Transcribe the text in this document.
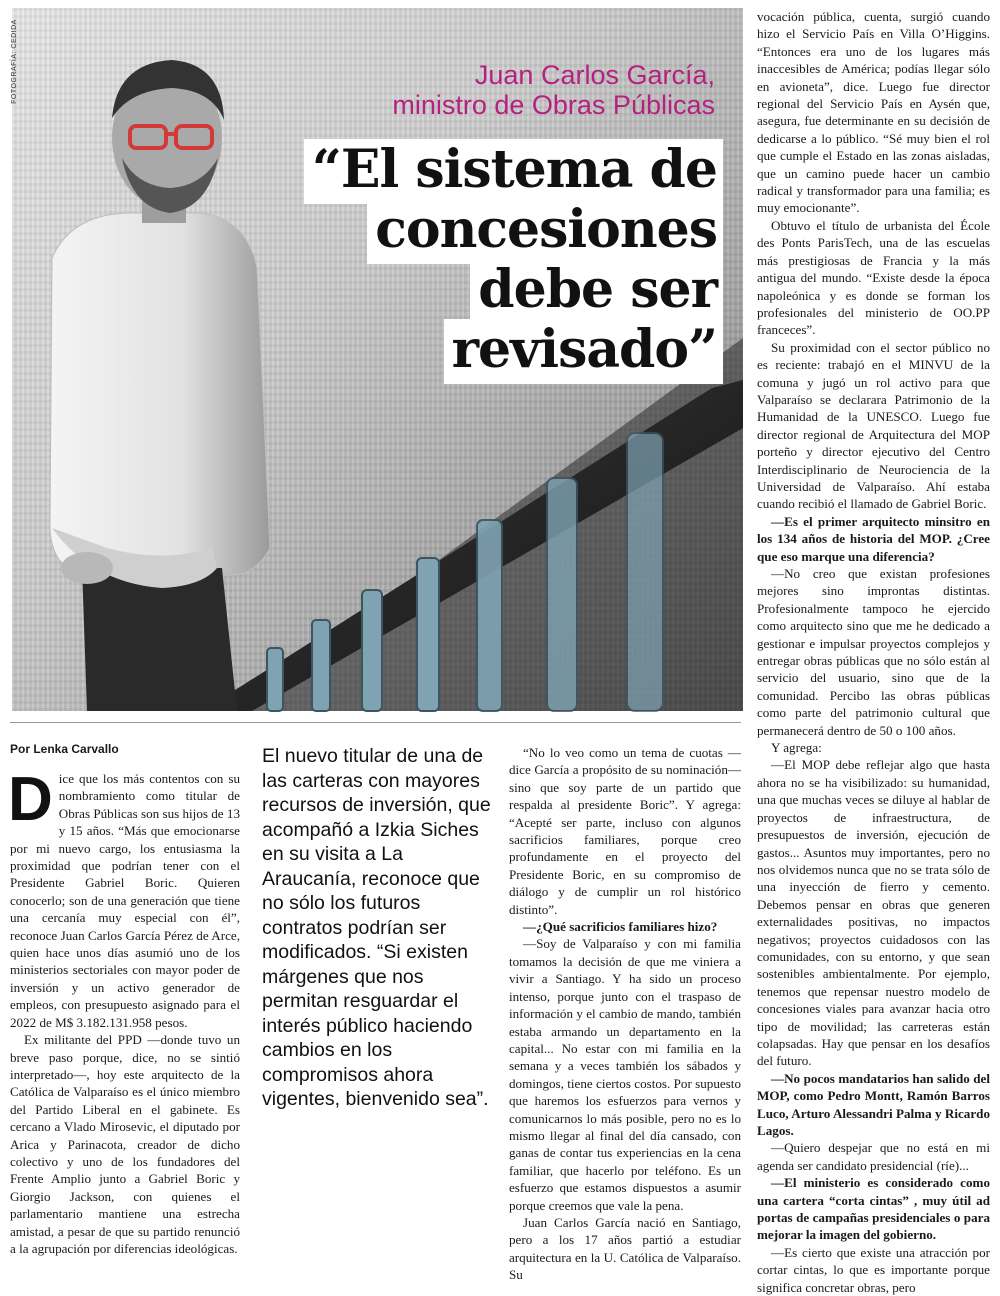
FOTOGRAFÍA: CEDIDA	Juan Carlos García,
ministro de Obras Públicas
“El sistema de concesiones debe ser revisado”
Por Lenka Carvallo

Dice que los más contentos con su nombramiento como titular de Obras Públicas son sus hijos de 13 y 15 años. “Más que emocionarse por mi nuevo cargo, los entusiasma la proximidad que podrían tener con el Presidente Gabriel Boric. Quieren conocerlo; son de una generación que tiene una cercanía muy especial con él”, reconoce Juan Carlos García Pérez de Arce, quien hace unos días asumió uno de los ministerios sectoriales con mayor poder de inversión y un activo generador de empleos, con presupuesto asignado para el 2022 de M$ 3.182.131.958 pesos.

Ex militante del PPD —donde tuvo un breve paso porque, dice, no se sintió interpretado—, hoy este arquitecto de la Católica de Valparaíso es el único miembro del Partido Liberal en el gabinete. Es cercano a Vlado Mirosevic, el diputado por Arica y Parinacota, creador de dicho colectivo y uno de los fundadores del Frente Amplio junto a Gabriel Boric y Giorgio Jackson, con quienes el parlamentario mantiene una estrecha amistad, a pesar de que su partido renunció a la agrupación por diferencias ideológicas.

El nuevo titular de una de las carteras con mayores recursos de inversión, que acompañó a Izkia Siches en su visita a La Araucanía, reconoce que no sólo los futuros contratos podrían ser modificados. “Si existen márgenes que nos permitan resguardar el interés público haciendo cambios en los compromisos ahora vigentes, bienvenido sea”.

“No lo veo como un tema de cuotas —dice García a propósito de su nominación— sino que soy parte de un partido que respalda al presidente Boric”. Y agrega: “Acepté ser parte, incluso con algunos sacrificios familiares, porque creo profundamente en el proyecto del Presidente Boric, en su compromiso de diálogo y de cumplir un rol histórico distinto”.

—¿Qué sacrificios familiares hizo?

—Soy de Valparaíso y con mi familia tomamos la decisión de que me viniera a vivir a Santiago. Y ha sido un proceso intenso, porque junto con el traspaso de información y el cambio de mando, también estaba armando un departamento en la capital... No estar con mi familia en la semana y a veces también los sábados y domingos, tiene ciertos costos. Por supuesto que haremos los esfuerzos para vernos y comunicarnos lo más posible, pero no es lo mismo llegar al final del día cansado, con ganas de contar tus experiencias en la cena familiar, que hacerlo por teléfono. Es un esfuerzo que estamos dispuestos a asumir porque creemos que vale la pena.

Juan Carlos García nació en Santiago, pero a los 17 años partió a estudiar arquitectura en la U. Católica de Valparaíso. Su

vocación pública, cuenta, surgió cuando hizo el Servicio País en Villa O’Higgins. “Entonces era uno de los lugares más inaccesibles de América; podías llegar sólo en avioneta”, dice. Luego fue director regional del Servicio País en Aysén que, asegura, fue determinante en su decisión de dedicarse a lo público. “Sé muy bien el rol que cumple el Estado en las zonas aisladas, que un camino puede hacer un cambio radical y transformador para una familia; es muy emocionante”.

Obtuvo el título de urbanista del École des Ponts ParisTech, una de las escuelas más prestigiosas de Francia y la más antigua del mundo. “Existe desde la época napoleónica y es donde se forman los profesionales del ministerio de OO.PP franceces”.

Su proximidad con el sector público no es reciente: trabajó en el MINVU de la comuna y jugó un rol activo para que Valparaíso se declarara Patrimonio de la Humanidad de la UNESCO. Luego fue director regional de Arquitectura del MOP porteño y director ejecutivo del Centro Interdisciplinario de Neurociencia de la Universidad de Valparaíso. Ahí estaba cuando recibió el llamado de Gabriel Boric.

—Es el primer arquitecto minsitro en los 134 años de historia del MOP. ¿Cree que eso marque una diferencia?

—No creo que existan profesiones mejores sino improntas distintas. Profesionalmente tampoco he ejercido como arquitecto sino que me he dedicado a gestionar e impulsar proyectos complejos y entregar obras públicas que no sólo están al servicio del usuario, sino que de la comunidad. Percibo las obras públicas como parte del patrimonio cultural que permanecerá dentro de 50 o 100 años.

Y agrega:

—El MOP debe reflejar algo que hasta ahora no se ha visibilizado: su humanidad, una que muchas veces se diluye al hablar de proyectos de infraestructura, de presupuestos de inversión, ejecución de gastos... Asuntos muy importantes, pero no nos olvidemos nunca que no se trata sólo de una inyección de fierro y cemento. Debemos pensar en obras que generen externalidades positivas, no impactos negativos; proyectos cuidadosos con las comunidades, con su entorno, y que sean sostenibles ambientalmente. Por ejemplo, tenemos que repensar nuestro modelo de concesiones viales para avanzar hacia otro tipo de movilidad; las carreteras están colapsadas. Hay que pensar en los desafíos del futuro.

—No pocos mandatarios han salido del MOP, como Pedro Montt, Ramón Barros Luco, Arturo Alessandri Palma y Ricardo Lagos.

—Quiero despejar que no está en mi agenda ser candidato presidencial (ríe)...

—El ministerio es considerado como una cartera “corta cintas” , muy útil ad portas de campañas presidenciales o para mejorar la imagen del gobierno.

—Es cierto que existe una atracción por cortar cintas, lo que es importante porque significa concretar obras, pero
